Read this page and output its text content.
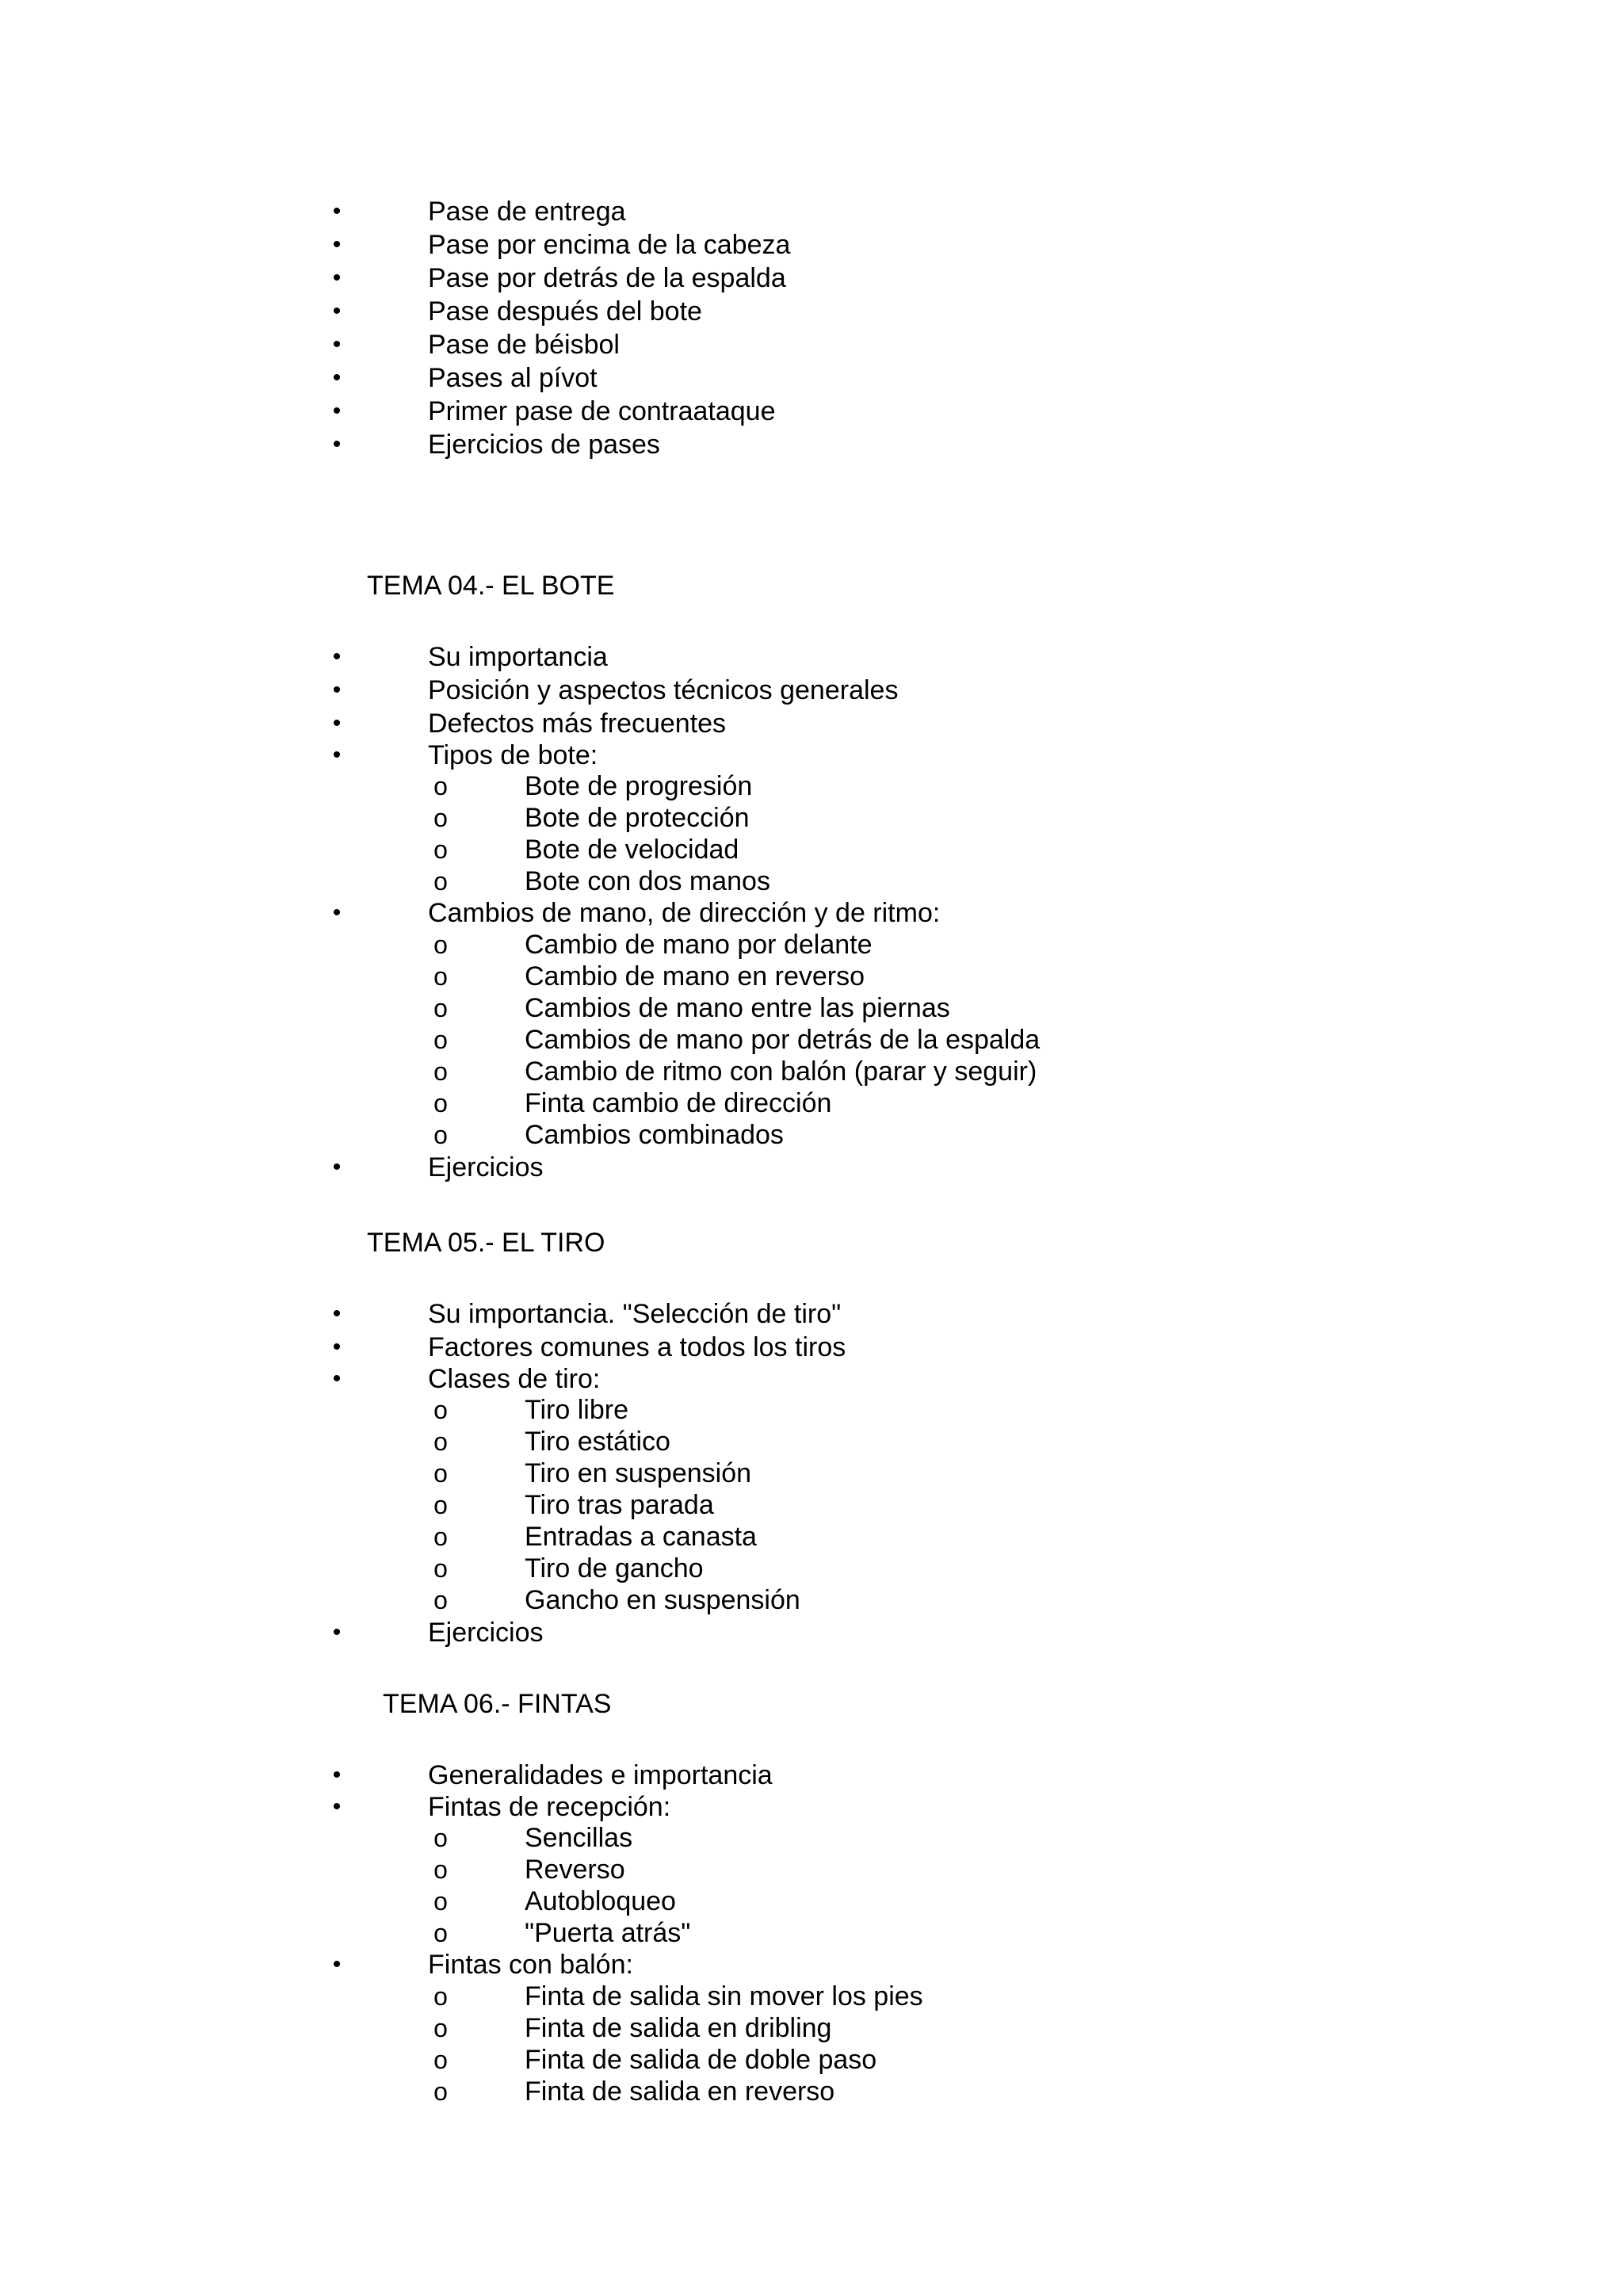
•	Pase de entrega
•	Pase por encima de la cabeza
•	Pase por detrás de la espalda
•	Pase después del bote
•	Pase de béisbol
•	Pases al pívot
•	Primer pase de contraataque
•	Ejercicios de pases
TEMA 04.- EL BOTE
•	Su importancia
•	Posición y aspectos técnicos generales
•	Defectos más frecuentes
•	Tipos de bote:
o	Bote de progresión
o	Bote de protección
o	Bote de velocidad
o	Bote con dos manos
•	Cambios de mano, de dirección y de ritmo:
o	Cambio de mano por delante
o	Cambio de mano en reverso
o	Cambios de mano entre las piernas
o	Cambios de mano por detrás de la espalda
o	Cambio de ritmo con balón (parar y seguir)
o	Finta cambio de dirección
o	Cambios combinados
•	Ejercicios
TEMA 05.- EL TIRO
•	Su importancia. "Selección de tiro"
•	Factores comunes a todos los tiros
•	Clases de tiro:
o	Tiro libre
o	Tiro estático
o	Tiro en suspensión
o	Tiro tras parada
o	Entradas a canasta
o	Tiro de gancho
o	Gancho en suspensión
•	Ejercicios
TEMA 06.- FINTAS
•	Generalidades e importancia
•	Fintas de recepción:
o	Sencillas
o	Reverso
o	Autobloqueo
o	"Puerta atrás"
•	Fintas con balón:
o	Finta de salida sin mover los pies
o	Finta de salida en dribling
o	Finta de salida de doble paso
o	Finta de salida en reverso
